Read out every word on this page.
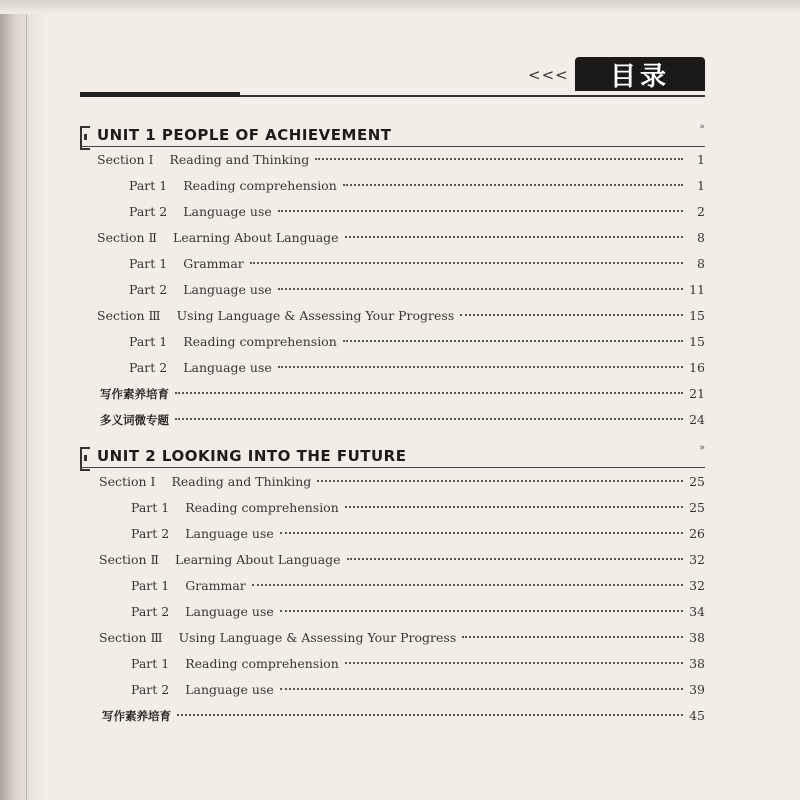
<<<	目录
UNIT 1 PEOPLE OF ACHIEVEMENT	»
Section Ⅰ	Reading and Thinking	1
Part 1	Reading comprehension	1
Part 2	Language use	2
Section Ⅱ	Learning About Language	8
Part 1	Grammar	8
Part 2	Language use	11
Section Ⅲ	Using Language & Assessing Your Progress	15
Part 1	Reading comprehension	15
Part 2	Language use	16
写作素养培育	21
多义词微专题	24
UNIT 2 LOOKING INTO THE FUTURE	»
Section Ⅰ	Reading and Thinking	25
Part 1	Reading comprehension	25
Part 2	Language use	26
Section Ⅱ	Learning About Language	32
Part 1	Grammar	32
Part 2	Language use	34
Section Ⅲ	Using Language & Assessing Your Progress	38
Part 1	Reading comprehension	38
Part 2	Language use	39
写作素养培育	45
